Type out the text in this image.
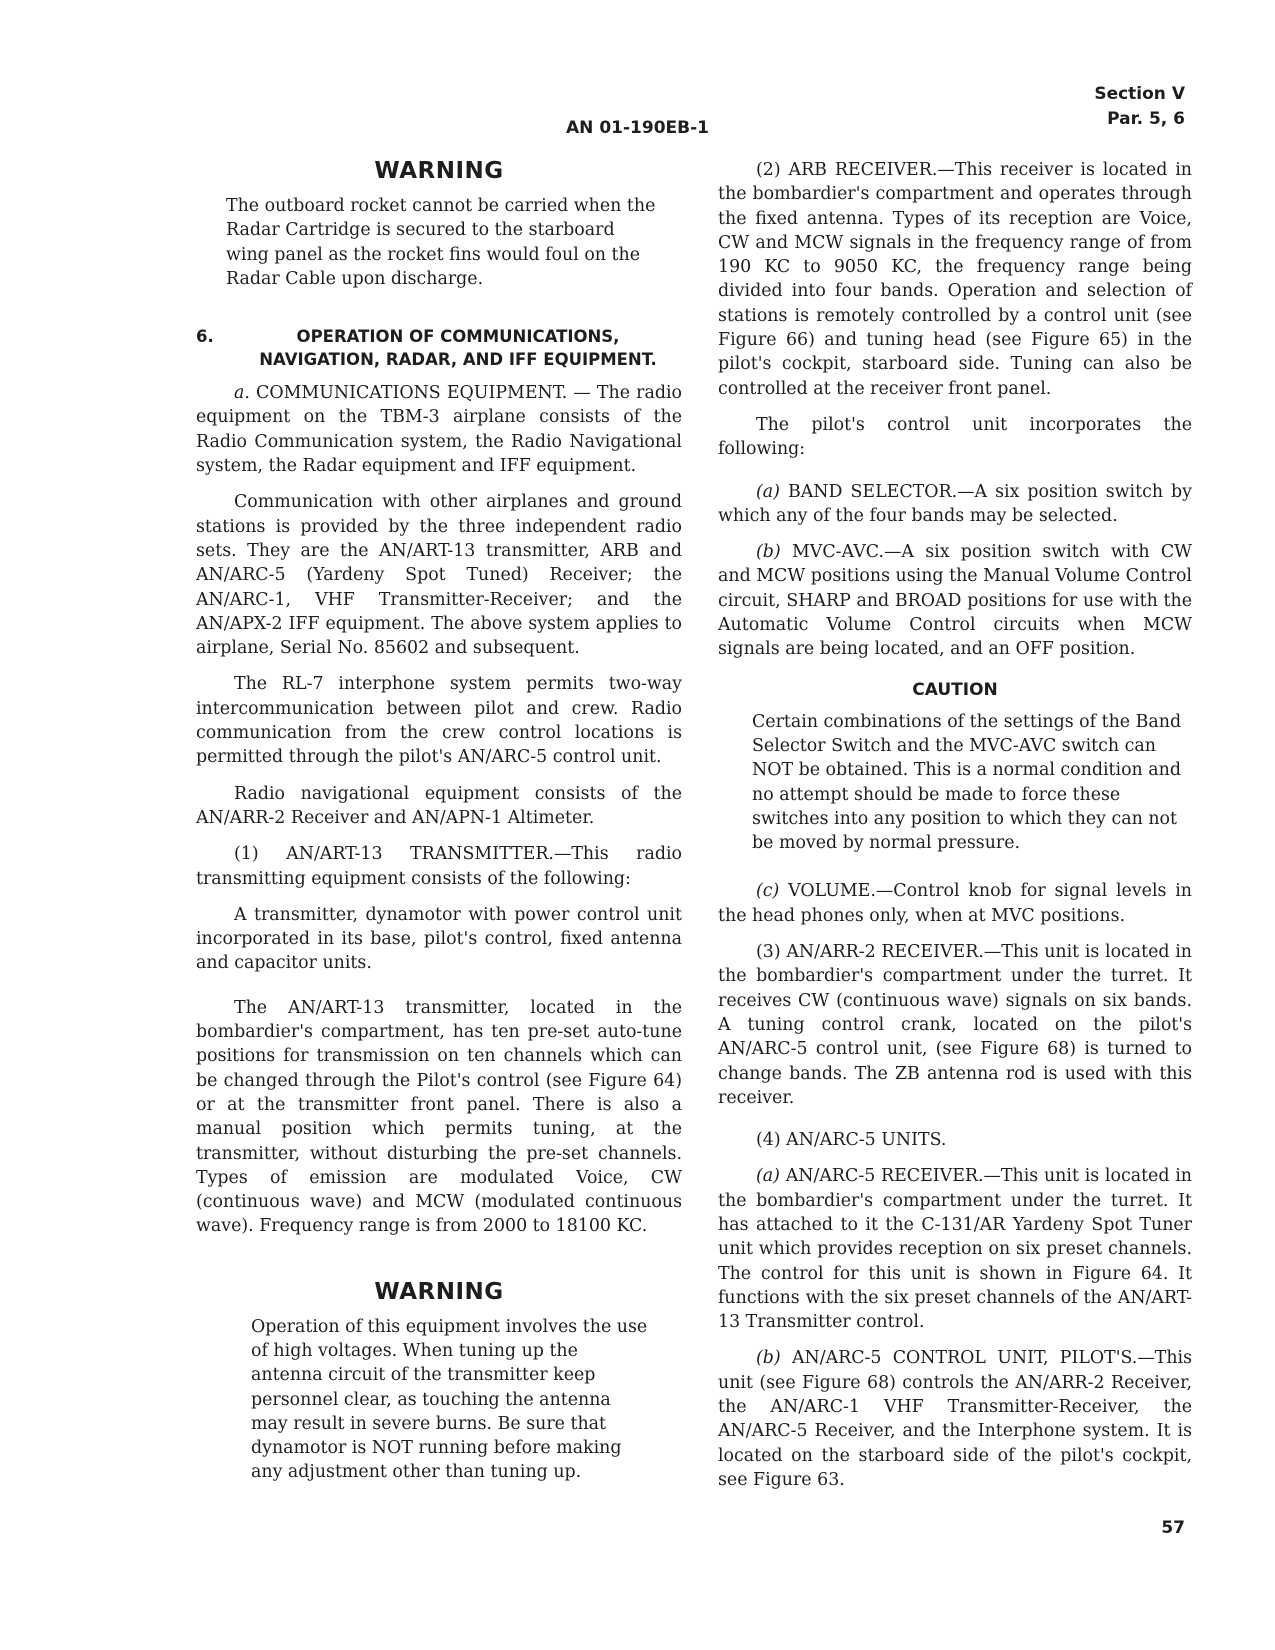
Section V
Par. 5, 6
AN 01-190EB-1
WARNING

The outboard rocket cannot be carried when the Radar Cartridge is secured to the starboard wing panel as the rocket fins would foul on the Radar Cable upon discharge.

6.	OPERATION OF COMMUNICATIONS, NAVIGATION, RADAR, AND IFF EQUIPMENT.

a. COMMUNICATIONS EQUIPMENT. — The radio equipment on the TBM-3 airplane consists of the Radio Communication system, the Radio Navigational system, the Radar equipment and IFF equipment.

Communication with other airplanes and ground stations is provided by the three independent radio sets. They are the AN/ART-13 transmitter, ARB and AN/ARC-5 (Yardeny Spot Tuned) Receiver; the AN/ARC-1, VHF Transmitter-Receiver; and the AN/APX-2 IFF equipment. The above system applies to airplane, Serial No. 85602 and subsequent.

The RL-7 interphone system permits two-way intercommunication between pilot and crew. Radio communication from the crew control locations is permitted through the pilot's AN/ARC-5 control unit.

Radio navigational equipment consists of the AN/ARR-2 Receiver and AN/APN-1 Altimeter.

(1) AN/ART-13 TRANSMITTER.—This radio transmitting equipment consists of the following:

A transmitter, dynamotor with power control unit incorporated in its base, pilot's control, fixed antenna and capacitor units.

The AN/ART-13 transmitter, located in the bombardier's compartment, has ten pre-set auto-tune positions for transmission on ten channels which can be changed through the Pilot's control (see Figure 64) or at the transmitter front panel. There is also a manual position which permits tuning, at the transmitter, without disturbing the pre-set channels. Types of emission are modulated Voice, CW (continuous wave) and MCW (modulated continuous wave). Frequency range is from 2000 to 18100 KC.

WARNING

Operation of this equipment involves the use of high voltages. When tuning up the antenna circuit of the transmitter keep personnel clear, as touching the antenna may result in severe burns. Be sure that dynamotor is NOT running before making any adjustment other than tuning up.

(2) ARB RECEIVER.—This receiver is located in the bombardier's compartment and operates through the fixed antenna. Types of its reception are Voice, CW and MCW signals in the frequency range of from 190 KC to 9050 KC, the frequency range being divided into four bands. Operation and selection of stations is remotely controlled by a control unit (see Figure 66) and tuning head (see Figure 65) in the pilot's cockpit, starboard side. Tuning can also be controlled at the receiver front panel.

The pilot's control unit incorporates the following:

(a) BAND SELECTOR.—A six position switch by which any of the four bands may be selected.

(b) MVC-AVC.—A six position switch with CW and MCW positions using the Manual Volume Control circuit, SHARP and BROAD positions for use with the Automatic Volume Control circuits when MCW signals are being located, and an OFF position.

CAUTION

Certain combinations of the settings of the Band Selector Switch and the MVC-AVC switch can NOT be obtained. This is a normal condition and no attempt should be made to force these switches into any position to which they can not be moved by normal pressure.

(c) VOLUME.—Control knob for signal levels in the head phones only, when at MVC positions.

(3) AN/ARR-2 RECEIVER.—This unit is located in the bombardier's compartment under the turret. It receives CW (continuous wave) signals on six bands. A tuning control crank, located on the pilot's AN/ARC-5 control unit, (see Figure 68) is turned to change bands. The ZB antenna rod is used with this receiver.

(4) AN/ARC-5 UNITS.

(a) AN/ARC-5 RECEIVER.—This unit is located in the bombardier's compartment under the turret. It has attached to it the C-131/AR Yardeny Spot Tuner unit which provides reception on six preset channels. The control for this unit is shown in Figure 64. It functions with the six preset channels of the AN/ART-13 Transmitter control.

(b) AN/ARC-5 CONTROL UNIT, PILOT'S.—This unit (see Figure 68) controls the AN/ARR-2 Receiver, the AN/ARC-1 VHF Transmitter-Receiver, the AN/ARC-5 Receiver, and the Interphone system. It is located on the starboard side of the pilot's cockpit, see Figure 63.

57
